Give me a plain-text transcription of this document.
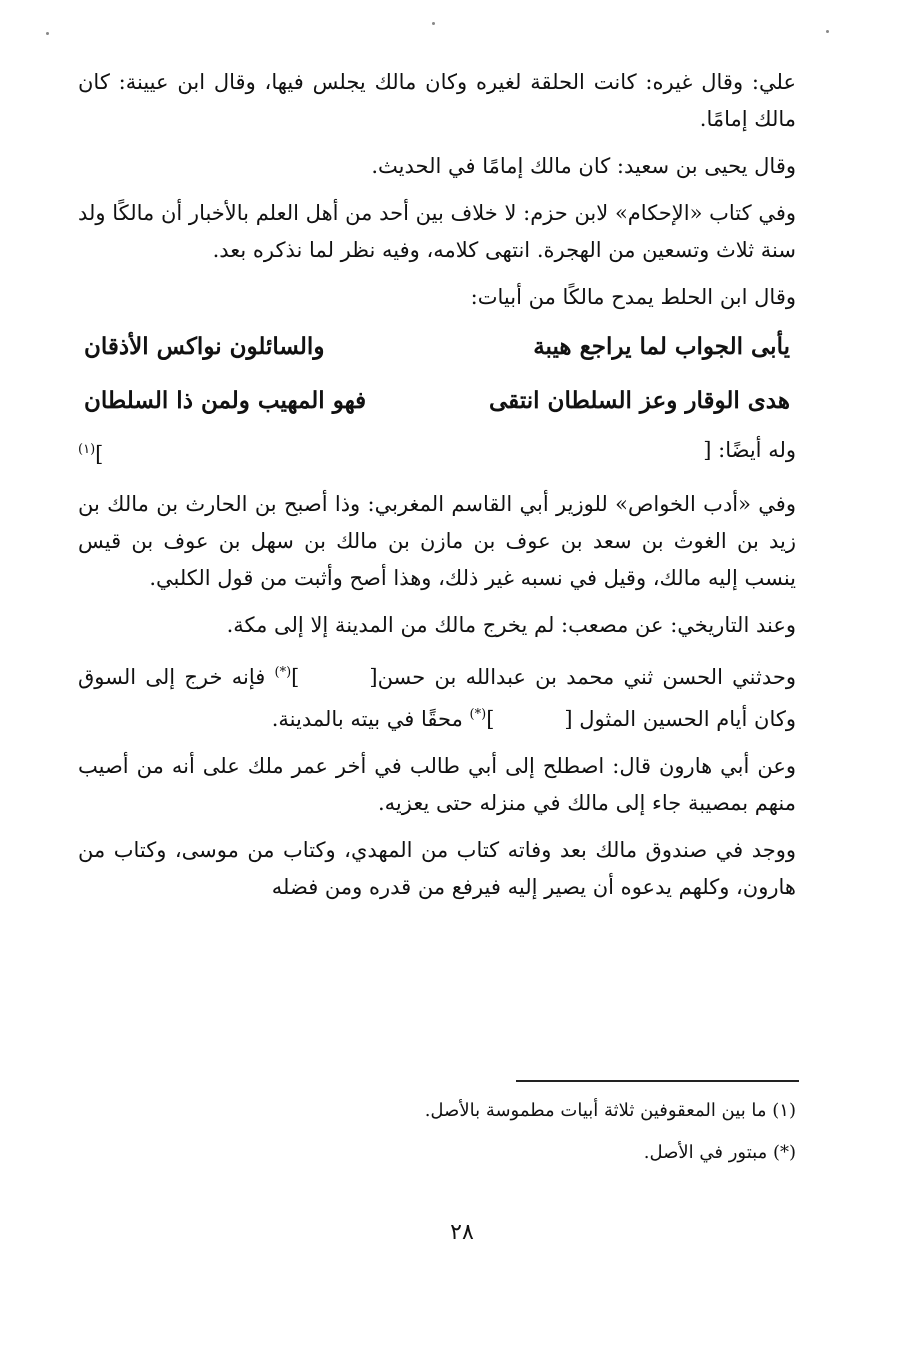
علي: وقال غيره: كانت الحلقة لغيره وكان مالك يجلس فيها، وقال ابن عيينة: كان مالك إمامًا.

وقال يحيى بن سعيد: كان مالك إمامًا في الحديث.

وفي كتاب «الإحكام» لابن حزم: لا خلاف بين أحد من أهل العلم بالأخبار أن مالكًا ولد سنة ثلاث وتسعين من الهجرة. انتهى كلامه، وفيه نظر لما نذكره بعد.

وقال ابن الحلط يمدح مالكًا من أبيات:

يأبى الجواب لما يراجع هيبة
والسائلون نواكس الأذقان
هدى الوقار وعز السلطان انتقى
فهو المهيب ولمن ذا السلطان
وله أيضًا: [
]$^{(١)}$

وفي «أدب الخواص» للوزير أبي القاسم المغربي: وذا أصبح بن الحارث بن مالك بن زيد بن الغوث بن سعد بن عوف بن مازن بن مالك بن سهل بن عوف بن قيس ينسب إليه مالك، وقيل في نسبه غير ذلك، وهذا أصح وأثبت من قول الكلبي.

وعند التاريخي: عن مصعب: لم يخرج مالك من المدينة إلا إلى مكة.

وحدثني الحسن ثني محمد بن عبدالله بن حسن[](*) فإنه خرج إلى السوق وكان أيام الحسين المثول [](*) محقًا في بيته بالمدينة.

وعن أبي هارون قال: اصطلح إلى أبي طالب في أخر عمر ملك على أنه من أصيب منهم بمصيبة جاء إلى مالك في منزله حتى يعزيه.

ووجد في صندوق مالك بعد وفاته كتاب من المهدي، وكتاب من موسى، وكتاب من هارون، وكلهم يدعوه أن يصير إليه فيرفع من قدره ومن فضله

(١) ما بين المعقوفين ثلاثة أبيات مطموسة بالأصل.

(*) مبتور في الأصل.

٢٨
